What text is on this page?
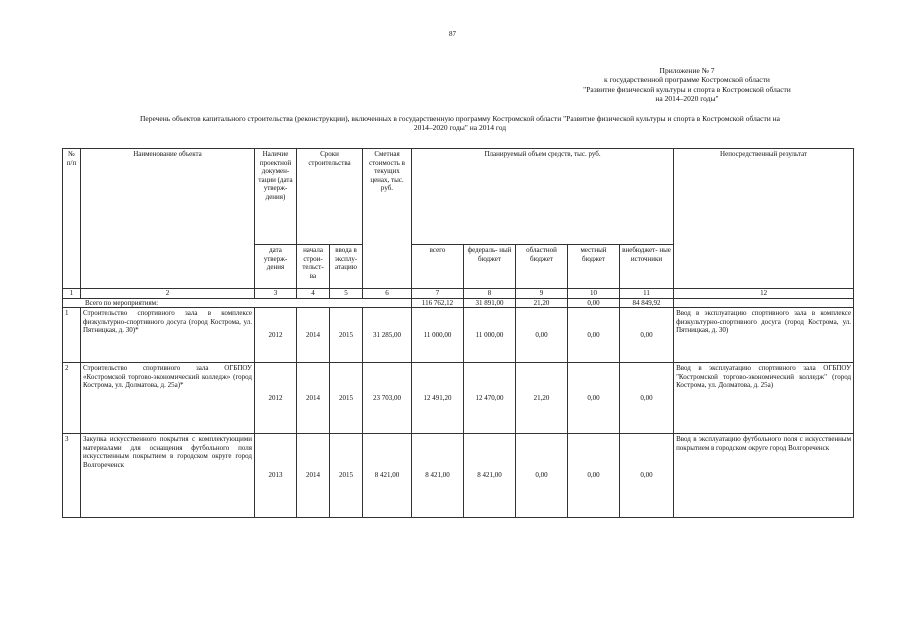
87
Приложение № 7
к государственной программе Костромской области
"Развитие физической культуры и спорта в Костромской области
на 2014–2020 годы"
Перечень объектов капитального строительства (реконструкции), включенных в государственную программу Костромской области "Развитие физической культуры и спорта в Костромской области на
2014–2020 годы" на 2014 год
№ п/п	Наименование объекта	Наличие проектной докумен- тации (дата утверж- дения)	Сроки строительства		Сметная стоимость в текущих ценах, тыс. руб.	Планируемый объем средств, тыс. руб.					Непосредственный результат
		дата утверж- дения	начала строи- тельст- ва	ввода в эксплу- атацию		всего	федераль- ный бюджет	областной бюджет	местный бюджет	внебюджет- ные источники	
1	2	3	4	5	6	7	8	9	10	11	12
Всего по мероприятиям:						116 762,12	31 891,00	21,20	0,00	84 849,92	
1	Строительство спортивного зала в комплексе физкультурно-спортивного досуга (город Кострома, ул. Пятницкая, д. 30)*	2012	2014	2015	31 285,00	11 000,00	11 000,00	0,00	0,00	0,00	Ввод в эксплуатацию спортивного зала в комплексе физкультурно-спортивного досуга (город Кострома, ул. Пятницкая, д. 30)
2	Строительство спортивного зала ОГБПОУ «Костромской торгово-экономический колледж» (город Кострома, ул. Долматова, д. 25а)*	2012	2014	2015	23 703,00	12 491,20	12 470,00	21,20	0,00	0,00	Ввод в эксплуатацию спортивного зала ОГБПОУ "Костромской торгово-экономический колледж" (город Кострома, ул. Долматова, д. 25а)
3	Закупка искусственного покрытия с комплектующими материалами для оснащения футбольного поля искусственным покрытием в городском округе город Волгореченск	2013	2014	2015	8 421,00	8 421,00	8 421,00	0,00	0,00	0,00	Ввод в эксплуатацию футбольного поля с искусственным покрытием в городском округе город Волгореченск
